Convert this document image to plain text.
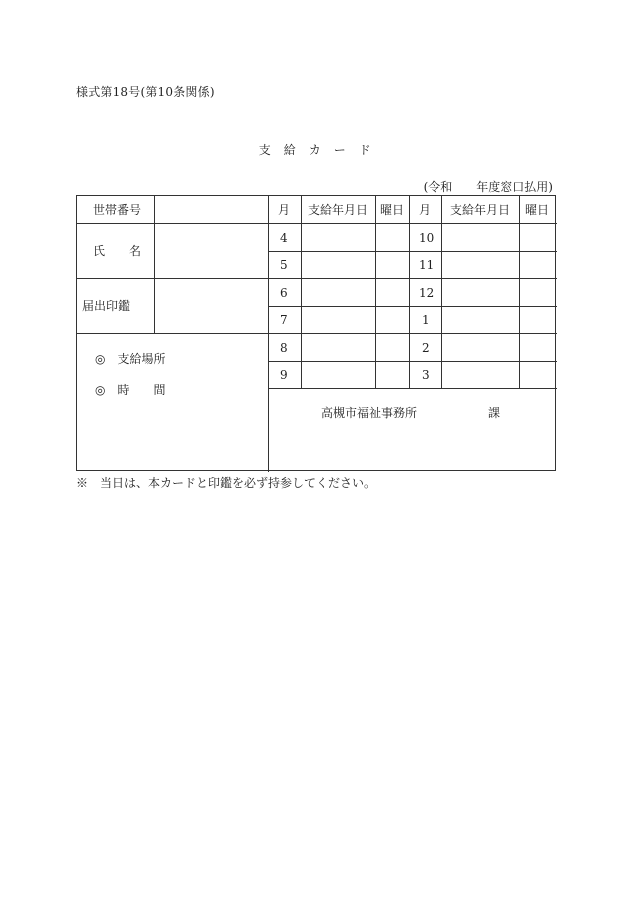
様式第18号(第10条関係)
支　給　カ　ー　ド
(令和　　年度窓口払用)
世帯番号
氏　　名
届出印鑑
月 支給年月日 曜日 月 支給年月日 曜日
4
5
6
7
8
9
10
11
12
1
2
3
高槻市福祉事務所	課
◎　支給場所
◎　時　　間
※　当日は、本カードと印鑑を必ず持参してください。
